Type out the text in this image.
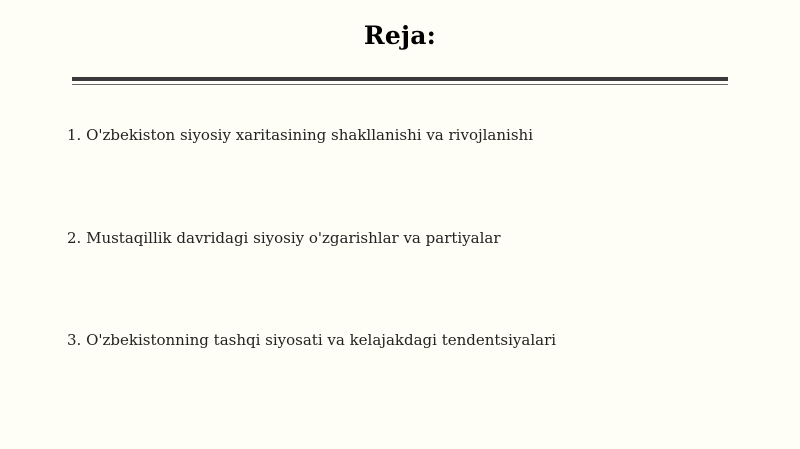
Reja:
1. O'zbekiston siyosiy xaritasining shakllanishi va rivojlanishi
2. Mustaqillik davridagi siyosiy o'zgarishlar va partiyalar
3. O'zbekistonning tashqi siyosati va kelajakdagi tendentsiyalari
